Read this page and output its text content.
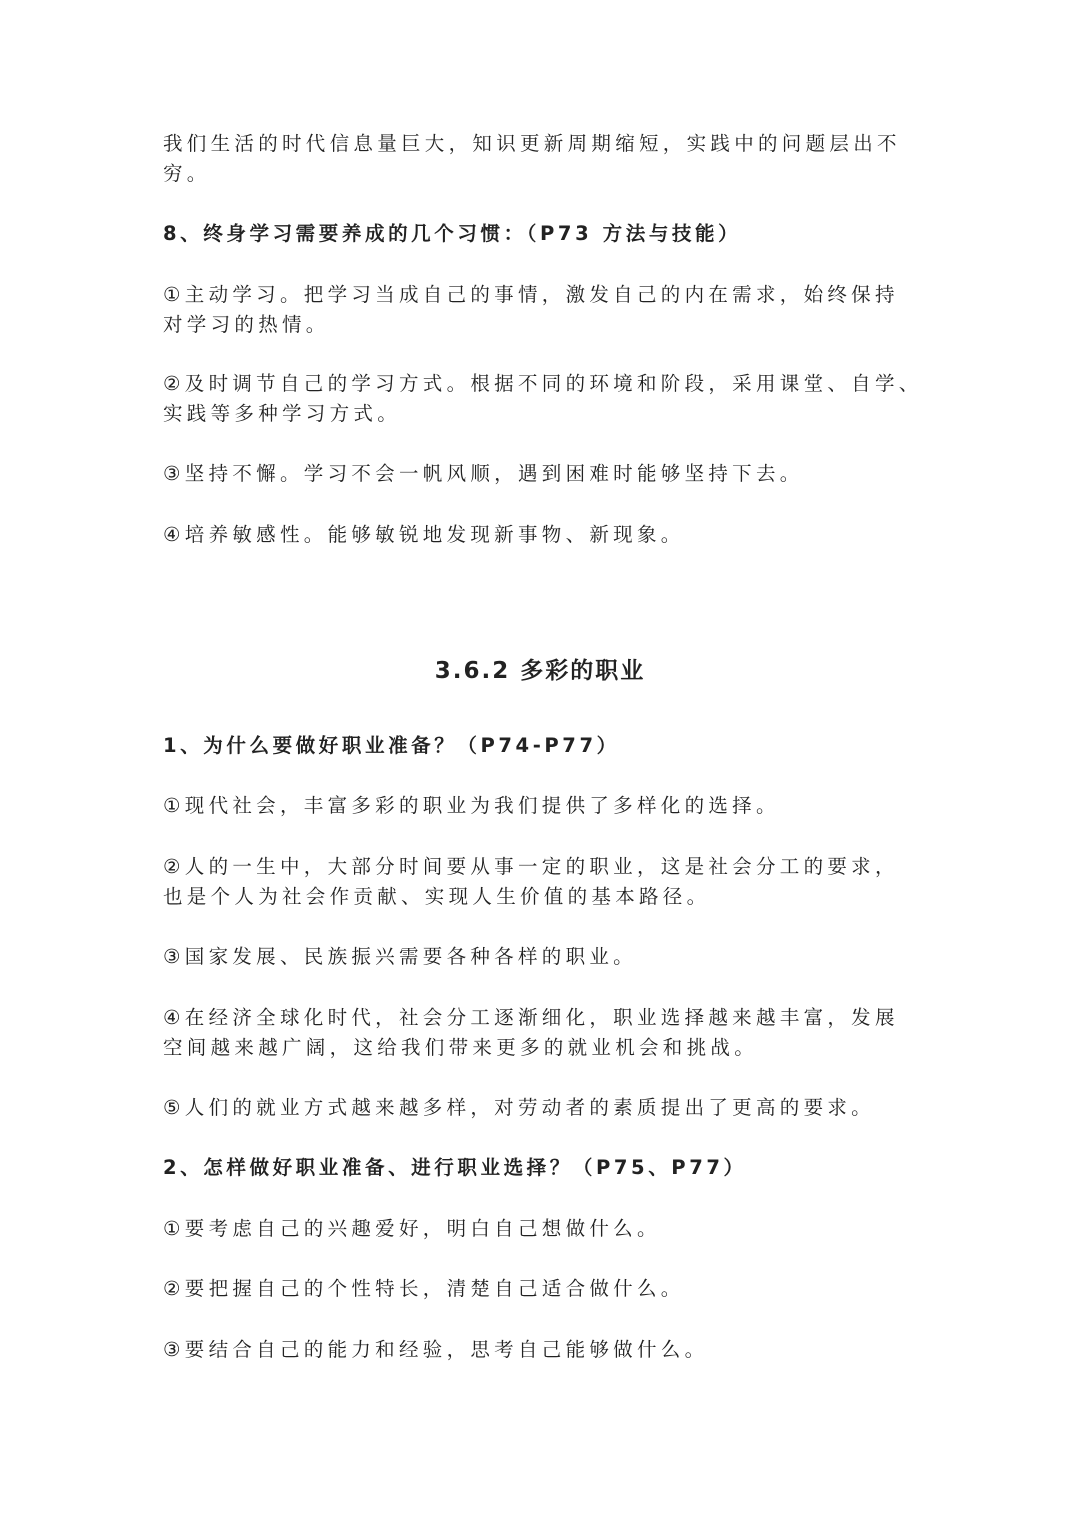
我们生活的时代信息量巨大，知识更新周期缩短，实践中的问题层出不
穷。

8、终身学习需要养成的几个习惯：（P73 方法与技能）

①主动学习。把学习当成自己的事情，激发自己的内在需求，始终保持
对学习的热情。

②及时调节自己的学习方式。根据不同的环境和阶段，采用课堂、自学、
实践等多种学习方式。

③坚持不懈。学习不会一帆风顺，遇到困难时能够坚持下去。

④培养敏感性。能够敏锐地发现新事物、新现象。

3.6.2 多彩的职业

1、为什么要做好职业准备？（P74-P77）

①现代社会，丰富多彩的职业为我们提供了多样化的选择。

②人的一生中，大部分时间要从事一定的职业，这是社会分工的要求，
也是个人为社会作贡献、实现人生价值的基本路径。

③国家发展、民族振兴需要各种各样的职业。

④在经济全球化时代，社会分工逐渐细化，职业选择越来越丰富，发展
空间越来越广阔，这给我们带来更多的就业机会和挑战。

⑤人们的就业方式越来越多样，对劳动者的素质提出了更高的要求。

2、怎样做好职业准备、进行职业选择？（P75、P77）

①要考虑自己的兴趣爱好，明白自己想做什么。

②要把握自己的个性特长，清楚自己适合做什么。

③要结合自己的能力和经验，思考自己能够做什么。
